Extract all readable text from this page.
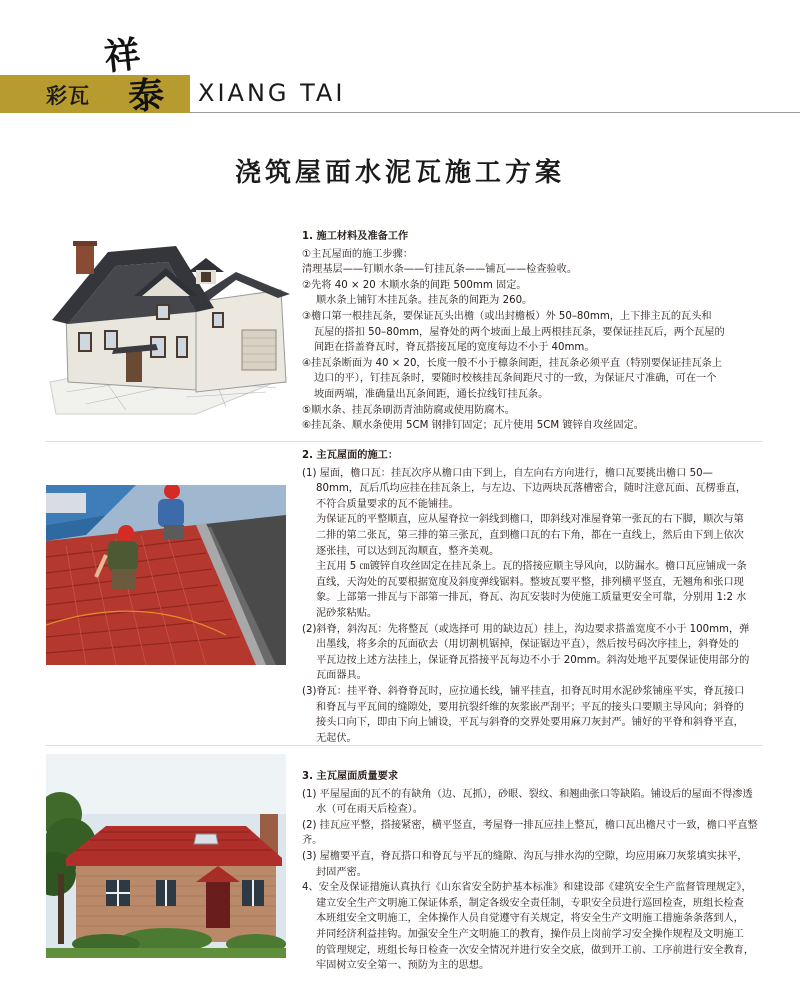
彩瓦
祥
泰 XIANG TAI
浇筑屋面水泥瓦施工方案

1. 施工材料及准备工作

①主瓦屋面的施工步骤：

清理基层——钉顺水条——钉挂瓦条——铺瓦——检查验收。

②先将 40 × 20 木顺水条的间距 500mm 固定。

顺水条上铺钉木挂瓦条。挂瓦条的间距为 260。

③檐口第一根挂瓦条，要保证瓦头出檐（或出封檐板）外 50–80mm，上下排主瓦的瓦头和

瓦屋的搭扣 50–80mm，屋脊处的两个坡面上最上两根挂瓦条，要保证挂瓦后，两个瓦屋的

间距在搭盖脊瓦时，脊瓦搭接瓦尾的宽度每边不小于 40mm。

④挂瓦条断面为 40 × 20，长度一般不小于檩条间距，挂瓦条必须平直（特别要保证挂瓦条上

边口的平），钉挂瓦条时，要随时校核挂瓦条间距尺寸的一致，为保证尺寸准确，可在一个

坡面两端，准确量出瓦条间距，通长拉线钉挂瓦条。

⑤顺水条、挂瓦条刷沥青油防腐或使用防腐木。

⑥挂瓦条、顺水条使用 5CM 钢排钉固定；瓦片使用 5CM 镀锌自攻丝固定。

2. 主瓦屋面的施工：

(1) 屋面，檐口瓦：挂瓦次序从檐口由下到上，自左向右方向进行，檐口瓦要挑出檐口 50—

80mm，瓦后爪均应挂在挂瓦条上，与左边、下边两块瓦落槽密合，随时注意瓦面、瓦楞垂直，

不符合质量要求的瓦不能铺挂。

为保证瓦的平整顺直，应从屋脊拉一斜线到檐口，即斜线对准屋脊第一张瓦的右下脚，顺次与第

二排的第二张瓦，第三排的第三张瓦，直到檐口瓦的右下角，都在一直线上，然后由下到上依次

逐张挂，可以达到瓦沟顺直，整齐美观。

主瓦用 5 ㎝镀锌自攻丝固定在挂瓦条上。瓦的搭接应顺主导风向，以防漏水。檐口瓦应铺成一条

直线，天沟处的瓦要根据宽度及斜度弹线锯料。整坡瓦要平整，排列横平竖直，无翘角和张口现

象。上部第一排瓦与下部第一排瓦，脊瓦、沟瓦安装时为使施工质量更安全可靠，分别用 1:2 水

泥砂浆粘贴。

(2)斜脊，斜沟瓦：先将整瓦（或选择可 用的缺边瓦）挂上，沟边要求搭盖宽度不小于 100mm，弹

出墨线，将多余的瓦面砍去（用切割机锯掉，保证锯边平直），然后按号码次序挂上，斜脊处的

平瓦边按上述方法挂上，保证脊瓦搭接平瓦每边不小于 20mm。斜沟处地平瓦要保证使用部分的

瓦面器具。

(3)脊瓦：挂平脊、斜脊脊瓦时，应拉通长线，铺平挂直，扣脊瓦时用水泥砂浆铺座平实，脊瓦接口

和脊瓦与平瓦间的缝隙处，要用抗裂纤维的灰浆嵌严刮平；平瓦的接头口要顺主导风向；斜脊的

接头口向下，即由下向上铺设，平瓦与斜脊的交界处要用麻刀灰封严。铺好的平脊和斜脊平直，

无起伏。

3. 主瓦屋面质量要求

(1) 平屋屋面的瓦不的有缺角（边、瓦抓），砂眼、裂纹、和翘曲张口等缺陷。铺设后的屋面不得渗透

水（可在雨天后检查）。

(2) 挂瓦应平整，搭接紧密，横平竖直，考屋脊一排瓦应挂上整瓦，檐口瓦出檐尺寸一致，檐口平直整齐。

(3) 屋檐要平直，脊瓦搭口和脊瓦与平瓦的缝隙、沟瓦与排水沟的空隙，均应用麻刀灰浆填实抹平，

封固严密。

4、安全及保证措施认真执行《山东省安全防护基本标准》和建设部《建筑安全生产监督管理规定》，

建立安全生产文明施工保证体系，制定各级安全责任制，专职安全员进行巡回检查，班组长检查

本班组安全文明施工，全体操作人员自觉遵守有关规定，将安全生产文明施工措施条条落到人，

并同经济利益挂钩。加强安全生产文明施工的教育，操作员上岗前学习安全操作规程及文明施工

的管理规定，班组长每日检查一次安全情况并进行安全交底，做到开工前、工序前进行安全教育，

牢固树立安全第一、预防为主的思想。
